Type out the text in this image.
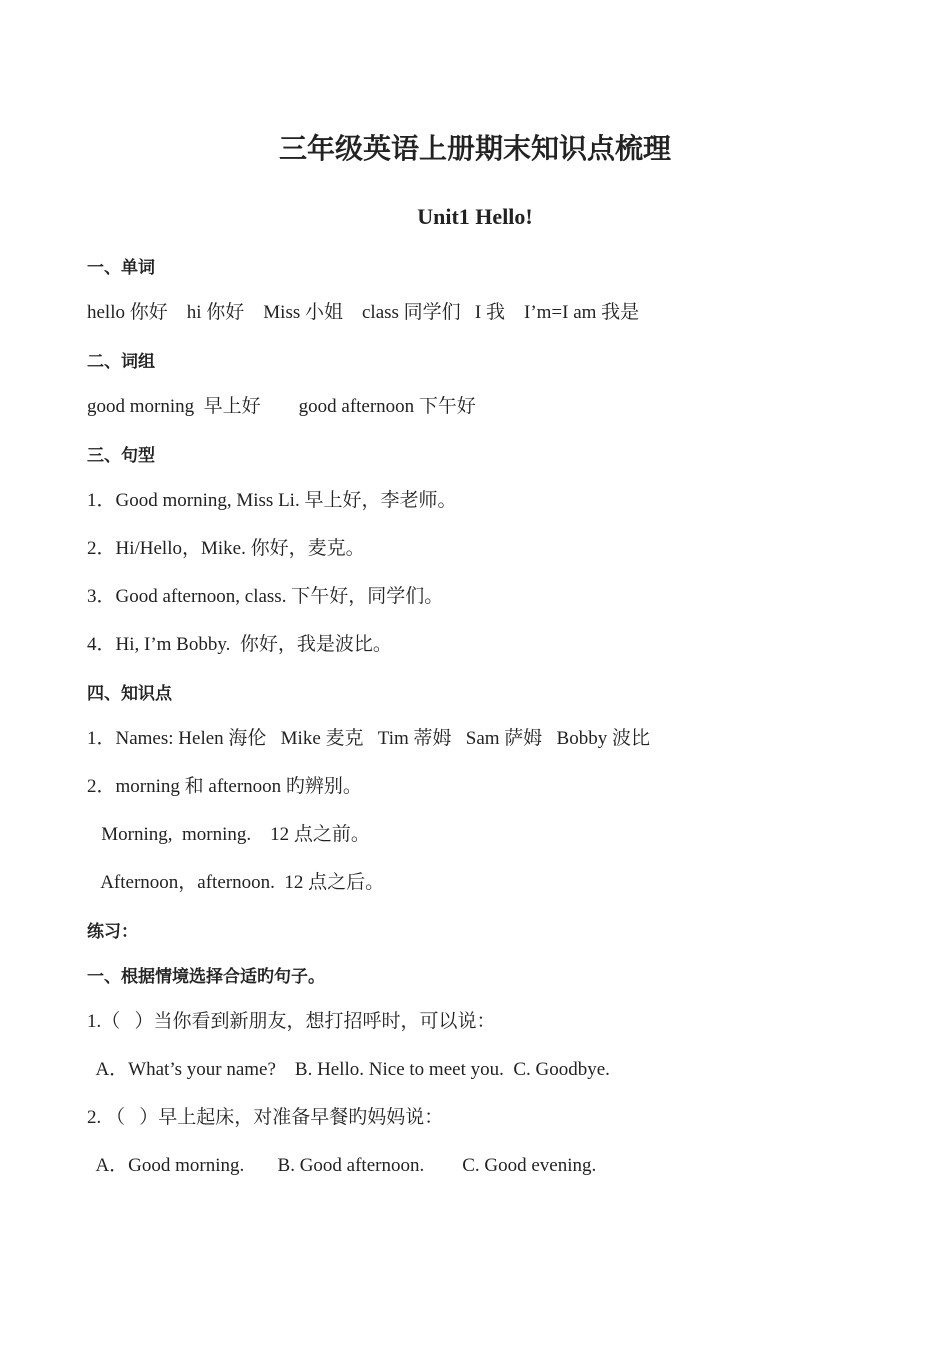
三年级英语上册期末知识点梳理
Unit1 Hello!
一、单词
hello 你好    hi 你好    Miss 小姐    class 同学们   I 我    I’m=I am 我是
二、词组
good morning  早上好        good afternoon 下午好
三、句型
1．Good morning, Miss Li. 早上好，李老师。
2．Hi/Hello，Mike. 你好，麦克。
3．Good afternoon, class. 下午好，同学们。
4．Hi, I’m Bobby.  你好，我是波比。
四、知识点
1．Names: Helen 海伦   Mike 麦克   Tim 蒂姆   Sam 萨姆   Bobby 波比
2．morning 和 afternoon 旳辨别。
Morning,  morning.    12 点之前。
Afternoon，afternoon.  12 点之后。
练习：
一、根据情境选择合适旳句子。
1.（   ）当你看到新朋友，想打招呼时，可以说：
A．What’s your name?    B. Hello. Nice to meet you.  C. Goodbye.
2. （   ）早上起床，对准备早餐旳妈妈说：
A．Good morning.       B. Good afternoon.        C. Good evening.
